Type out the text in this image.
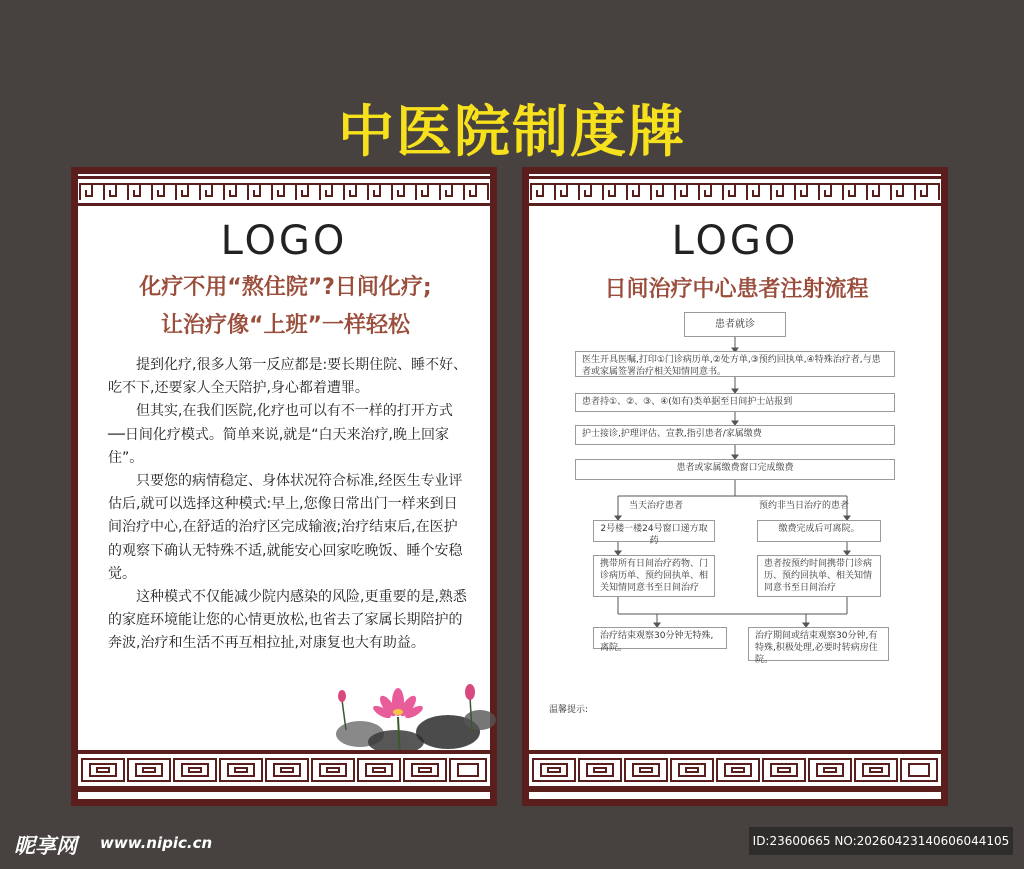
中医院制度牌
LOGO
化疗不用“熬住院”?日间化疗;
让治疗像“上班”一样轻松

提到化疗,很多人第一反应都是:要长期住院、睡不好、吃不下,还要家人全天陪护,身心都着遭罪。

但其实,在我们医院,化疗也可以有不一样的打开方式──日间化疗模式。简单来说,就是“白天来治疗,晚上回家住”。

只要您的病情稳定、身体状况符合标准,经医生专业评估后,就可以选择这种模式:早上,您像日常出门一样来到日间治疗中心,在舒适的治疗区完成输液;治疗结束后,在医护的观察下确认无特殊不适,就能安心回家吃晚饭、睡个安稳觉。

这种模式不仅能减少院内感染的风险,更重要的是,熟悉的家庭环境能让您的心情更放松,也省去了家属长期陪护的奔波,治疗和生活不再互相拉扯,对康复也大有助益。

LOGO
日间治疗中心患者注射流程
患者就诊
医生开具医嘱,打印①门诊病历单,②处方单,③预约回执单,④特殊治疗者,与患者或家属签署治疗相关知情同意书。
患者持①、②、③、④(如有)类单据至日间护士站报到
护士接诊,护理评估、宣教,指引患者/家属缴费
患者或家属缴费窗口完成缴费
当天治疗患者	预约非当日治疗的患者
2号楼一楼24号窗口递方取药
缴费完成后可离院。
携带所有日间治疗药物、门诊病历单、预约回执单、相关知情同意书至日间治疗
患者按预约时间携带门诊病历、预约回执单、相关知情同意书至日间治疗
治疗结束观察30分钟无特殊,离院。
治疗期间或结束观察30分钟,有特殊,积极处理,必要时转病房住院。
温馨提示:
昵享网 www.nipic.cn	ID:23600665 NO:20260423140606044105
